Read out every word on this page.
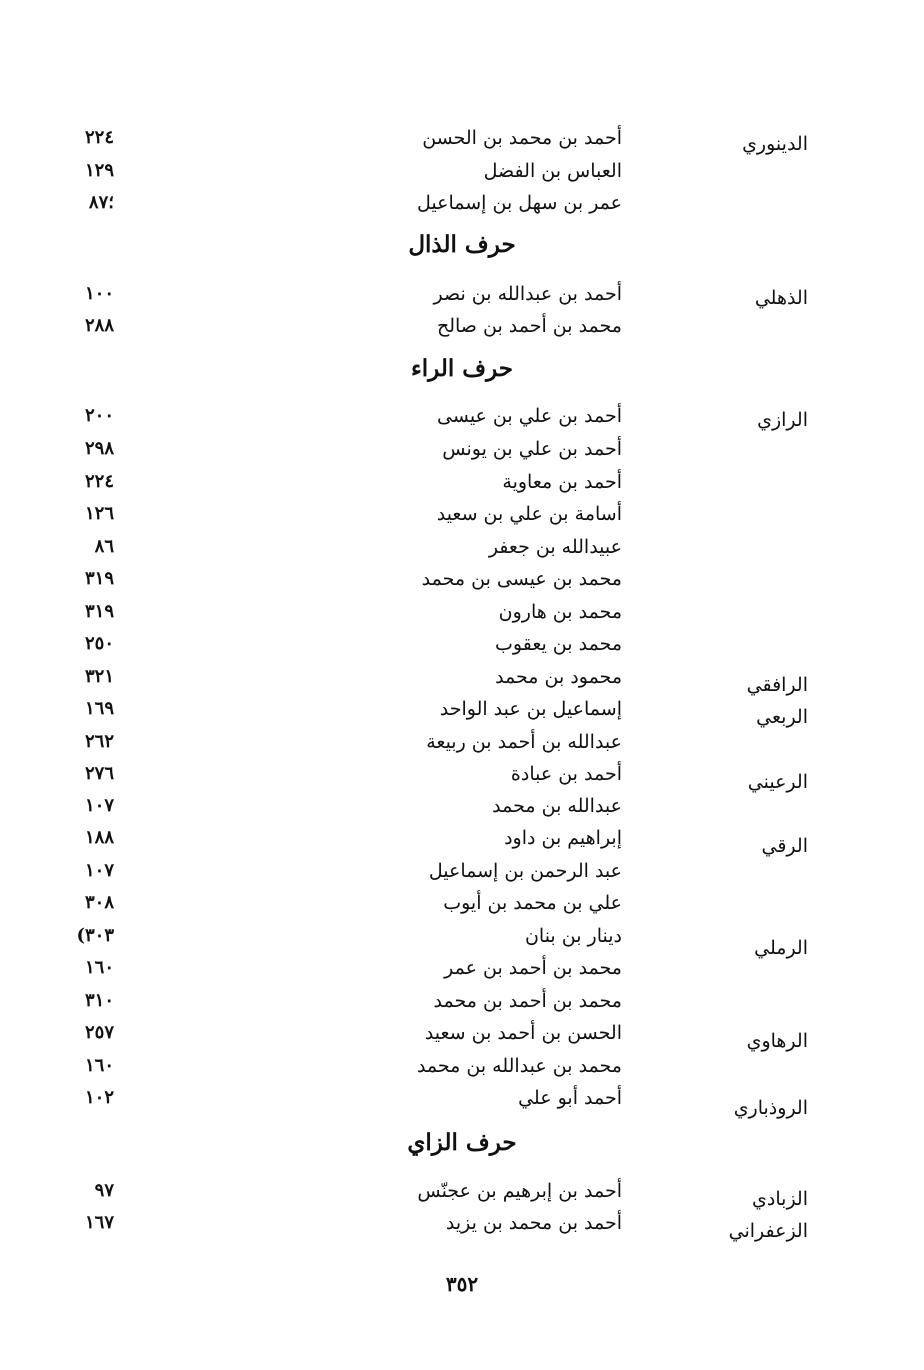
الدينوري
أحمد بن محمد بن الحسن
٢٢٤
العباس بن الفضل
١٢٩
عمر بن سهل بن إسماعيل
؛٨٧
حرف الذال
الذهلي
أحمد بن عبدالله بن نصر
١٠٠
محمد بن أحمد بن صالح
٢٨٨
حرف الراء
الرازي
أحمد بن علي بن عيسى
٢٠٠
أحمد بن علي بن يونس
٢٩٨
أحمد بن معاوية
٢٢٤
أسامة بن علي بن سعيد
١٢٦
عبيدالله بن جعفر
٨٦
محمد بن عيسى بن محمد
٣١٩
محمد بن هارون
٣١٩
محمد بن يعقوب
٢٥٠
الرافقي
محمود بن محمد
٣٢١
الربعي
إسماعيل بن عبد الواحد
١٦٩
عبدالله بن أحمد بن ربيعة
٢٦٢
الرعيني
أحمد بن عبادة
٢٧٦
عبدالله بن محمد
١٠٧
الرقي
إبراهيم بن داود
١٨٨
عبد الرحمن بن إسماعيل
١٠٧
علي بن محمد بن أيوب
٣٠٨
الرملي
دينار بن بنان
٣٠٣)
محمد بن أحمد بن عمر
١٦٠
محمد بن أحمد بن محمد
٣١٠
الرهاوي
الحسن بن أحمد بن سعيد
٢٥٧
محمد بن عبدالله بن محمد
١٦٠
الروذباري
أحمد أبو علي
١٠٢
حرف الزاي
الزبادي
أحمد بن إبرهيم بن عجنّس
٩٧
الزعفراني
أحمد بن محمد بن يزيد
١٦٧
٣٥٢
